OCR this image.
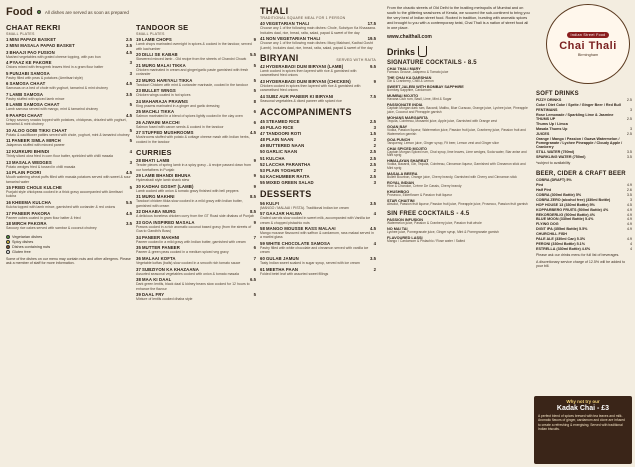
Food	All dishes are served as soon as prepared
CHAAT REKRI
SMALL PLATES
1MINI PAPADI BASKET	2.5
2MINI MASALA PAPAD BASKET	3.5
3BHAAJI PAO FUSION	4.5
Mashed vegetables with grated cheese topping, with pav bun
4PYAAZ KE PAKORE	3
Onions mixed with fenugreek leaves fried in a gram flour batter
5PUNJABI SAMOSA	3
Pastry filled with peas & potatoes (Amritsari style)
6SAMOSA CHAAT	4.5
Samosas on a bed of chole with yoghurt, tamarind & mint chutney
7LAMB SAMOSA	3.5
Pastry stuffed with spiced lamb mince
8LAMB SAMOSA CHAAT	5
Lamb samosa served with mango, mint & tamarind chutney
9PAAPDI CHAAT	4.5
Crispy savoury snacks topped with potatoes, chickpeas, drizzled with yoghurt, tamarind & mint chutney
10ALOO GOBI TIKKI CHAAT	5
Potato & cauliflower patties served with chole, yoghurt, mint & tamarind chutney
11PANEER SIMLA MIRCH	5
Jalapenos stuffed with minced paneer
12KURKURI BHINDI	4
Thinly sliced okra fried in corn flour batter, sprinkled with chilli masala
13MASALA WEDGES	3
Potato wedges fried & tossed in chilli masala
14PLAIN POORI	4.5
Mouth watering wheat puffs filled with masala potatoes served with sweet & sour tamarind water
15FRIED CHOLE KULCHE	5
Punjabi style chickpeas cooked in a thick gravy accompanied with Amritsari kulcha
16KHEEMA KULCHA	5.5
Kulcha topped with lamb mince, garnished with coriander & red onions
17PANEER PAKORA	4.5
Paneer cubes coated in gram flour batter & fried
18MIRCH PAKORA	3.5
Savoury rice cakes served with sambar & coconut chutney
Vegetarian dishes
Spicy dishes
Dishes containing nuts
Gluten free
Some of the dishes on our menu may contain nuts and other allergens. Please ask a member of staff for more information.
TANDOOR SE
SMALL PLATES
19LAMB CHOPS	9
Lamb chops marinated overnight in spices & cooked in the tandoor, served with kachumber
20DILLI SE KABAB	5.5
Skewered minced lamb - Old recipe from the streets of Chandni Chowk
21MURG MALAI TIKKA	5
Chicken marinated in cream and ginger/garlic paste garnished with fresh coriander
22MURG HARIYALI TIKKA	5
Tandoori Chicken with mint & coriander marinade, cooked in the tandoor
23BULLET WINGS	5
Chicken wings coated in hot spices
24MAHARAJA PRAWNS	8
King prawns marinated in a ginger and garlic dressing
25MACHLI TIKKA	6
Salmon marinated in a blend of spices lightly cooked in the clay oven
26AJWAINI MACCHI	6
Salmon fused with carom seeds & cooked in the tandoor
27STUFFED MUSHROOMS	4.5
Mushrooms stuffed with potato & cottage cheese mash with Indian herbs, cooked in the tandoor
CURRIES
28BHATI LAMB	9
Tender pieces of spring lamb in a spicy gravy - A recipe passed down from our forefathers in Punjab
29LAMB BHANDI BHUNA	9
Hyderabadi style lamb shank stew
30KADHAI GOSHT (LAMB)	9
Lamb cooked with onion & tomato gravy finished with bell peppers
31MURG MAKHNI	8.5
Tandoori chicken tikka slow cooked in a mild gravy with Indian butter, garnished with cream
32DHAABA MURG	8.5
A delicious boneless chicken curry from the GT Road side dhabas of Punjab
33GOA INSPIRED MASALA	9
Prawns cooked in a rich aromatic coconut based gravy (from the streets of Goa to Gandhi's Boss)
34PANEER MAKHNI	7
Paneer cooked in a mild gravy with Indian butter, garnished with cream
35MUTTER PANEER	6
Paneer & green peas cooked in a medium spiced veg gravy
36MALAAI KOFTA	7
Vegetable koftas (balls) slow cooked in a smooth rich tomato sauce
37SUBZIYON KA KHAZAANA	6
Assorted seasonal vegetables cooked with onion & tomato masala
38MAA KI DAAL	6.5
Dark green lentils, black daal & kidney beans slow cooked for 12 hours to enhance the flavour
39DAAL FRY	5
Mixture of lentils cooked dhaba style
THALI
TRADITIONAL SQUARE MEAL FOR 1 PERSON
40VEGETARIAN THALI	17.5
Choose any 1 of the following main dishes: Chole, Subziyon Ka Khazaana. Includes daal, rice, bread, raita, salad, papad & sweet of the day
41NON VEGETARIAN THALI	19.5
Choose any 1 of the following main dishes: Murg Makhani, Kadhai Gosht (Lamb). Includes daal, rice, bread, raita, salad, papad & sweet of the day
BIRYANI	SERVED WITH RAITA
42HYDERABADI DUM BIRYANI (LAMB)	9.5
Lamb cooked in spices then layered with rice & garnished with caramelised fried onions
43HYDERABADI DUM BIRYANI (CHICKEN)	9
Chicken cooked in spices then layered with rice & garnished with caramelised fried onions
44SUBZ AUR PANEER KI BIRYANI	7.5
Seasonal vegetables & diced paneer with spiced rice
ACCOMPANIMENTS
45STEAMED RICE	2.5
46PULAO RICE	3
47TANDOORI ROTI	1.5
48PLAIN NAAN	2
49BUTTERED NAAN	2
50GARLIC NAAN	2.5
51KULCHA	2.5
52LACCHA PARANTHA	2.5
53PLAIN YOGHURT	2
54KACHUMBER RAITA	2.5
55MIXED GREEN SALAD	3
DESSERTS
56KULFI	3.5
(MANGO / MALAAI / PISTA). Traditional Indian ice cream
57GAAJAR HALWA	4
Grated carrots slow cooked in sweet milk, accompanied with Vanilla ice cream & chopped pistachio nuts
58MANGO MOUSSE RASS MALAAI	4.5
Mango mousse flavoured with saffron & cardamom, rass malaai served in a martini glass
59WHITE CHOCOLATE SAMOSA	4
Pastry filled with white chocolate and cinnamon served with vanilla ice cream
60GULAB JAMUN	3.5
Tasty Indian sweet soaked in sugar syrup, served with ice cream
61MEETHA PAAN	2
Folded betel leaf with assorted sweet fillings
From the chaotic streets of Old Delhi to the bustling metropolis of Mumbai and on south to the glittering seashores of Kerala, we scoured the sub-continent to bring you the very best of Indian street food. Rooted in tradition, bursting with aromatic spices and brought to you with a contemporary twist, Chai Thali is a nation of street food all in one place.
www.chaithali.com
Drinks
SIGNATURE COCKTAILS - 8.5
CHAI THALI MARY
Famous Grouse, Jalapeno & Tomato juice
THE CHAI KA DARSHAN
Gin & Cranberry, Chilli & Lemon
SWEET JALEBI WITH BOMBAY SAPPHIRE
Bombay Sapphire, Cardamom
MUMBAI MOJITO
Havana Club rum, Basil, Lime, Mint & Sugar
PASSIONATE INDIA
Captain Morgan dark rum, Bacardi, Malibu, Blue Curacao, Orange juice, Lychee juice, Pineapple juice, Coconut and Pineapple garnish
MOHANS MARGARITA
Tequila, Cointreau, Mosambi juice, Apple juice, Garnished with Orange zest
GOAN BAY
Vodka, Passion liqueur, Watermelon juice, Passion fruit juice, Cranberry juice, Passion fruit and Watermelon garnish
GOA PUNCH
Tanqueray, Lemon juice, Ginger syrup, Fit beer, Lemon zest and Ginger slice
CHAI SPICED MOJITO
Captain Morgan Spiced rum, Chai syrup, lime leaves, Lime wedges, Soda water, Star anise and Mint sprig
HIMALAYAN SHARBAT
Vodka, Bacardi, Gin, Tequila, Cointreau, Cinnamon liqueur, Garnished with Cinnamon stick and Mint sprig
MASALA BEERA
Bulleit Bourbon, Orange juice, Cherry brandy, Garnished with Cherry and Cinnamon stick
ROYAL INDIAN
Hine & Chandon, Crème De Cassis, Cherry brandy
KHUSHBOO
Prosecco, Elderflower & Passion fruit liqueur
STAR CHAITINI
Absolut, Passion fruit liqueur, Passion fruit juice, Pineapple juice, Prosecco, Passion fruit garnish
SIN FREE COCKTAILS - 4.5
PASSION INFUSION
Watermelon juice, Passion & Cranberry juice, Passion fruit whole
NO MAI TAI
Lychee juice, Pomegranate juice, Ginger syrup, Mint & Pomegranate garnish
FLAVOURED LASSI
Mango / Cardamom & Pistachio / Rose water / Salted
Indian Street Food
Chai Thali
Birmingham
SOFT DRINKS
FIZZY DRINKS	2.5
Coke / Diet Coke / Sprite / Ginger Beer / Red Bull
FENTIMANS	3
Rose Lemonade / Sparkling Lime & Jasmine
THUMS UP	2.5
Thums Up / Limca
Masala Thums Up	3
JUICES	2.5
Orange / Mango / Passion / Guava Watermelon / Pomegranate / Lychee Pineapple / Cloudy Apple / Cranberry
STILL WATER (750ml)	3.5
SPARKLING WATER (750ml)	3.5
*subject to availability
BEER, CIDER & CRAFT BEER
COBRA (DRAFT) 5%
Pint	4.9
Half Pint	2.6
COBRA (300ml Bottle) 5%	3.5
COBRA ZERO (alcohol free) (330ml Bottle)	3
HOP HOUSE 13 (330ml Bottle) 5%	4.5
KOPPARBERG FRUITS (500ml Bottle) 4%	4.9
REKORDERLIG (500ml Bottle) 4%	4.9
BLUE MOON (330ml Bottle) 5.4%	4.9
FLYING DOG	4.9
DIGIT IPA (355ml Bottle) 5.5%	4.9
CHURCHILL FISH
PALE ALE (330ml Can) 5.3%	4.9
PERONI (330ml Bottle) 5.1%	4
ESTRELLA (330ml Bottle) 4.6%	4
Please ask our drinks menu for full list of beverages.
A discretionary service charge of 12.5% will be added to your bill.
Why not try our
Kadak Chai - £3
A perfect blend of spices brewed with tea leaves and milk. Aromatic flavors of ginger, cardamom and clove are infused to create a refreshing & energising. Served with traditional Indian biscuits.
